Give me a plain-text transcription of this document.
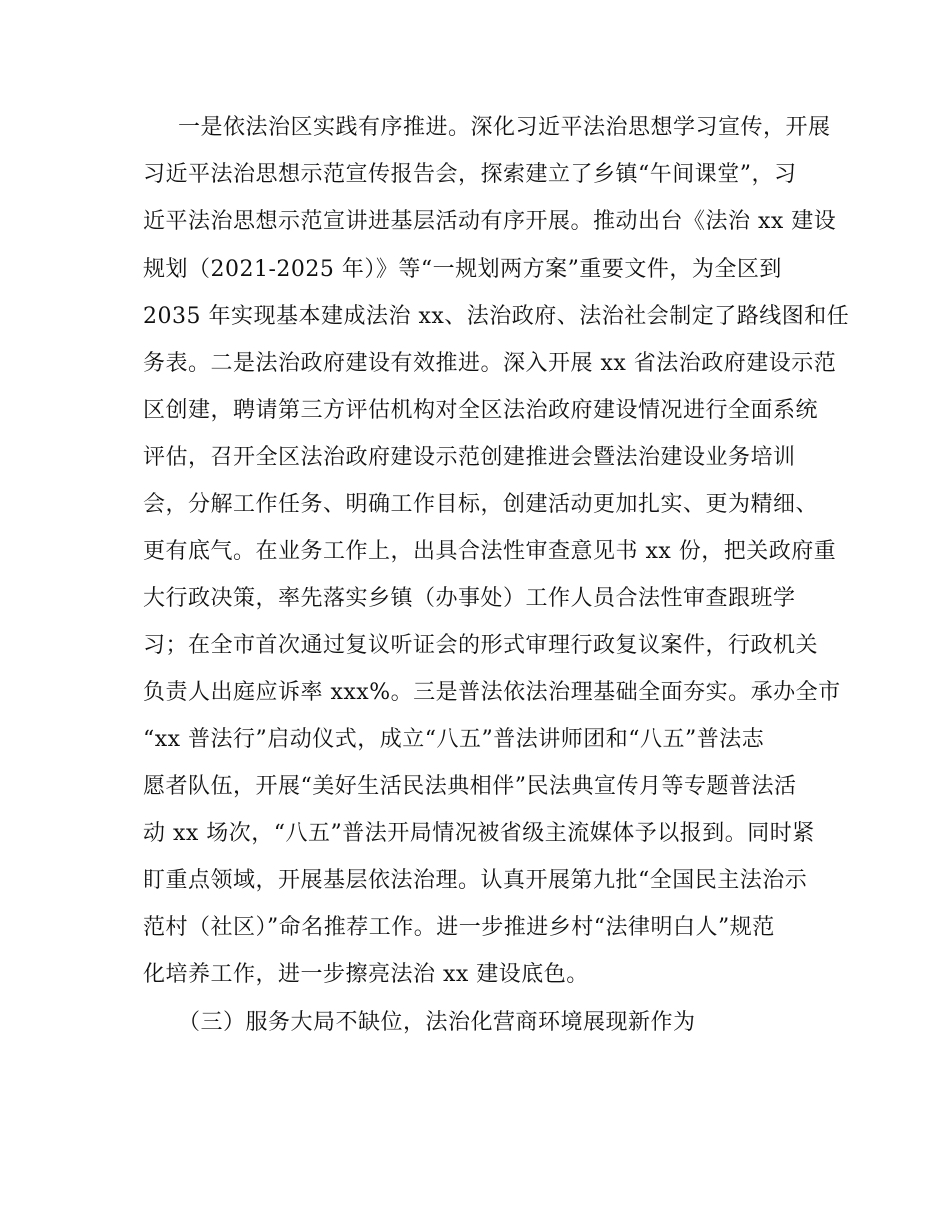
一是依法治区实践有序推进。深化习近平法治思想学习宣传，开展
习近平法治思想示范宣传报告会，探索建立了乡镇“午间课堂”，习
近平法治思想示范宣讲进基层活动有序开展。推动出台《法治 xx 建设
规划（2021-2025 年）》等“一规划两方案”重要文件，为全区到
2035 年实现基本建成法治 xx、法治政府、法治社会制定了路线图和任
务表。二是法治政府建设有效推进。深入开展 xx 省法治政府建设示范
区创建，聘请第三方评估机构对全区法治政府建设情况进行全面系统
评估，召开全区法治政府建设示范创建推进会暨法治建设业务培训
会，分解工作任务、明确工作目标，创建活动更加扎实、更为精细、
更有底气。在业务工作上，出具合法性审查意见书 xx 份，把关政府重
大行政决策，率先落实乡镇（办事处）工作人员合法性审查跟班学
习；在全市首次通过复议听证会的形式审理行政复议案件，行政机关
负责人出庭应诉率 xxx%。三是普法依法治理基础全面夯实。承办全市
“xx 普法行”启动仪式，成立“八五”普法讲师团和“八五”普法志
愿者队伍，开展“美好生活民法典相伴”民法典宣传月等专题普法活
动 xx 场次，“八五”普法开局情况被省级主流媒体予以报到。同时紧
盯重点领域，开展基层依法治理。认真开展第九批“全国民主法治示
范村（社区）”命名推荐工作。进一步推进乡村“法律明白人”规范
化培养工作，进一步擦亮法治 xx 建设底色。
（三）服务大局不缺位，法治化营商环境展现新作为
